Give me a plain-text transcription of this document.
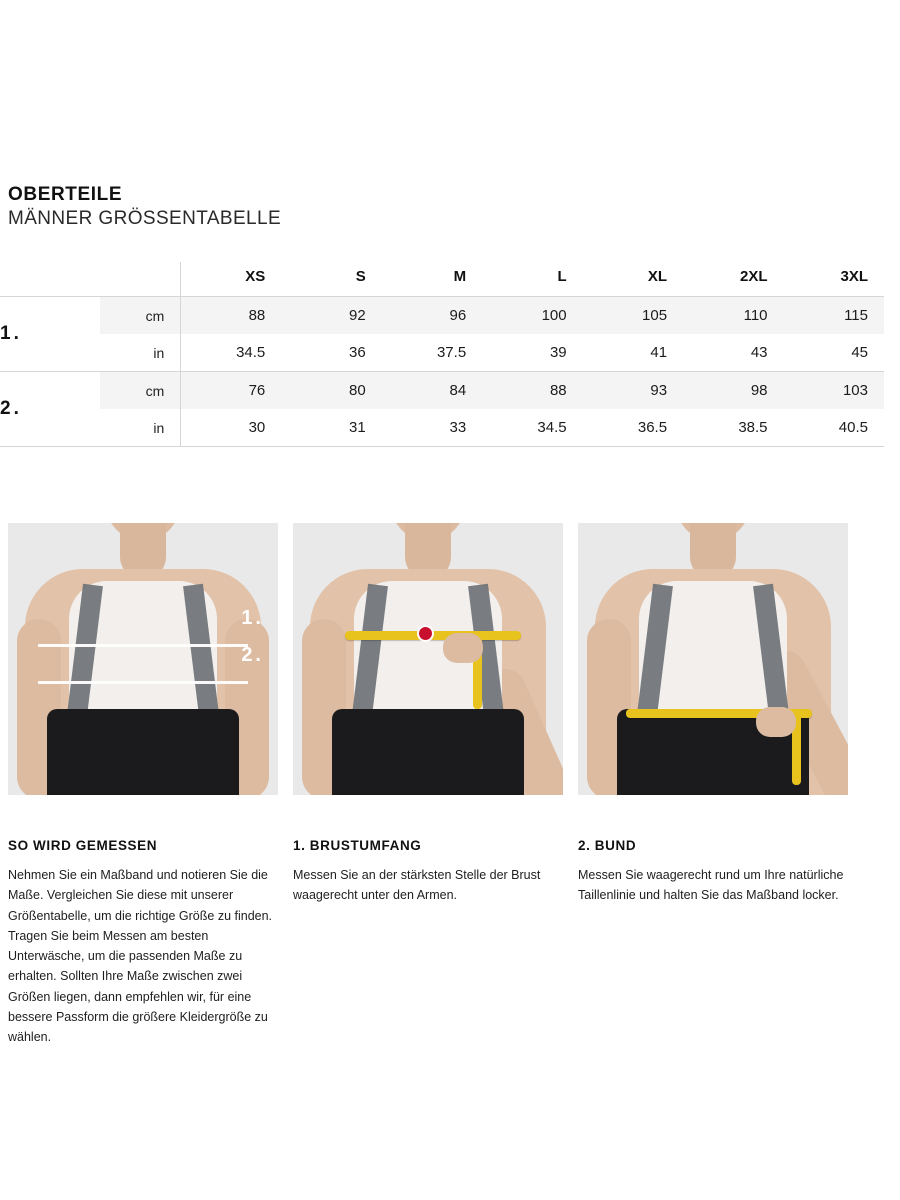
OBERTEILE
MÄNNER GRÖSSENTABELLE
		XS	S	M	L	XL	2XL	3XL

1.	cm	88	92	96	100	105	110	115
	in	34.5	36	37.5	39	41	43	45

2.	cm	76	80	84	88	93	98	103
	in	30	31	33	34.5	36.5	38.5	40.5

1.
2.
SO WIRD GEMESSEN

Nehmen Sie ein Maßband und notieren Sie die Maße. Vergleichen Sie diese mit unserer Größentabelle, um die richtige Größe zu finden. Tragen Sie beim Messen am besten Unterwäsche, um die passenden Maße zu erhalten. Sollten Ihre Maße zwischen zwei Größen liegen, dann empfehlen wir, für eine bessere Passform die größere Kleidergröße zu wählen.

1. BRUSTUMFANG

Messen Sie an der stärksten Stelle der Brust waagerecht unter den Armen.

2. BUND

Messen Sie waagerecht rund um Ihre natürliche Taillenlinie und halten Sie das Maßband locker.
